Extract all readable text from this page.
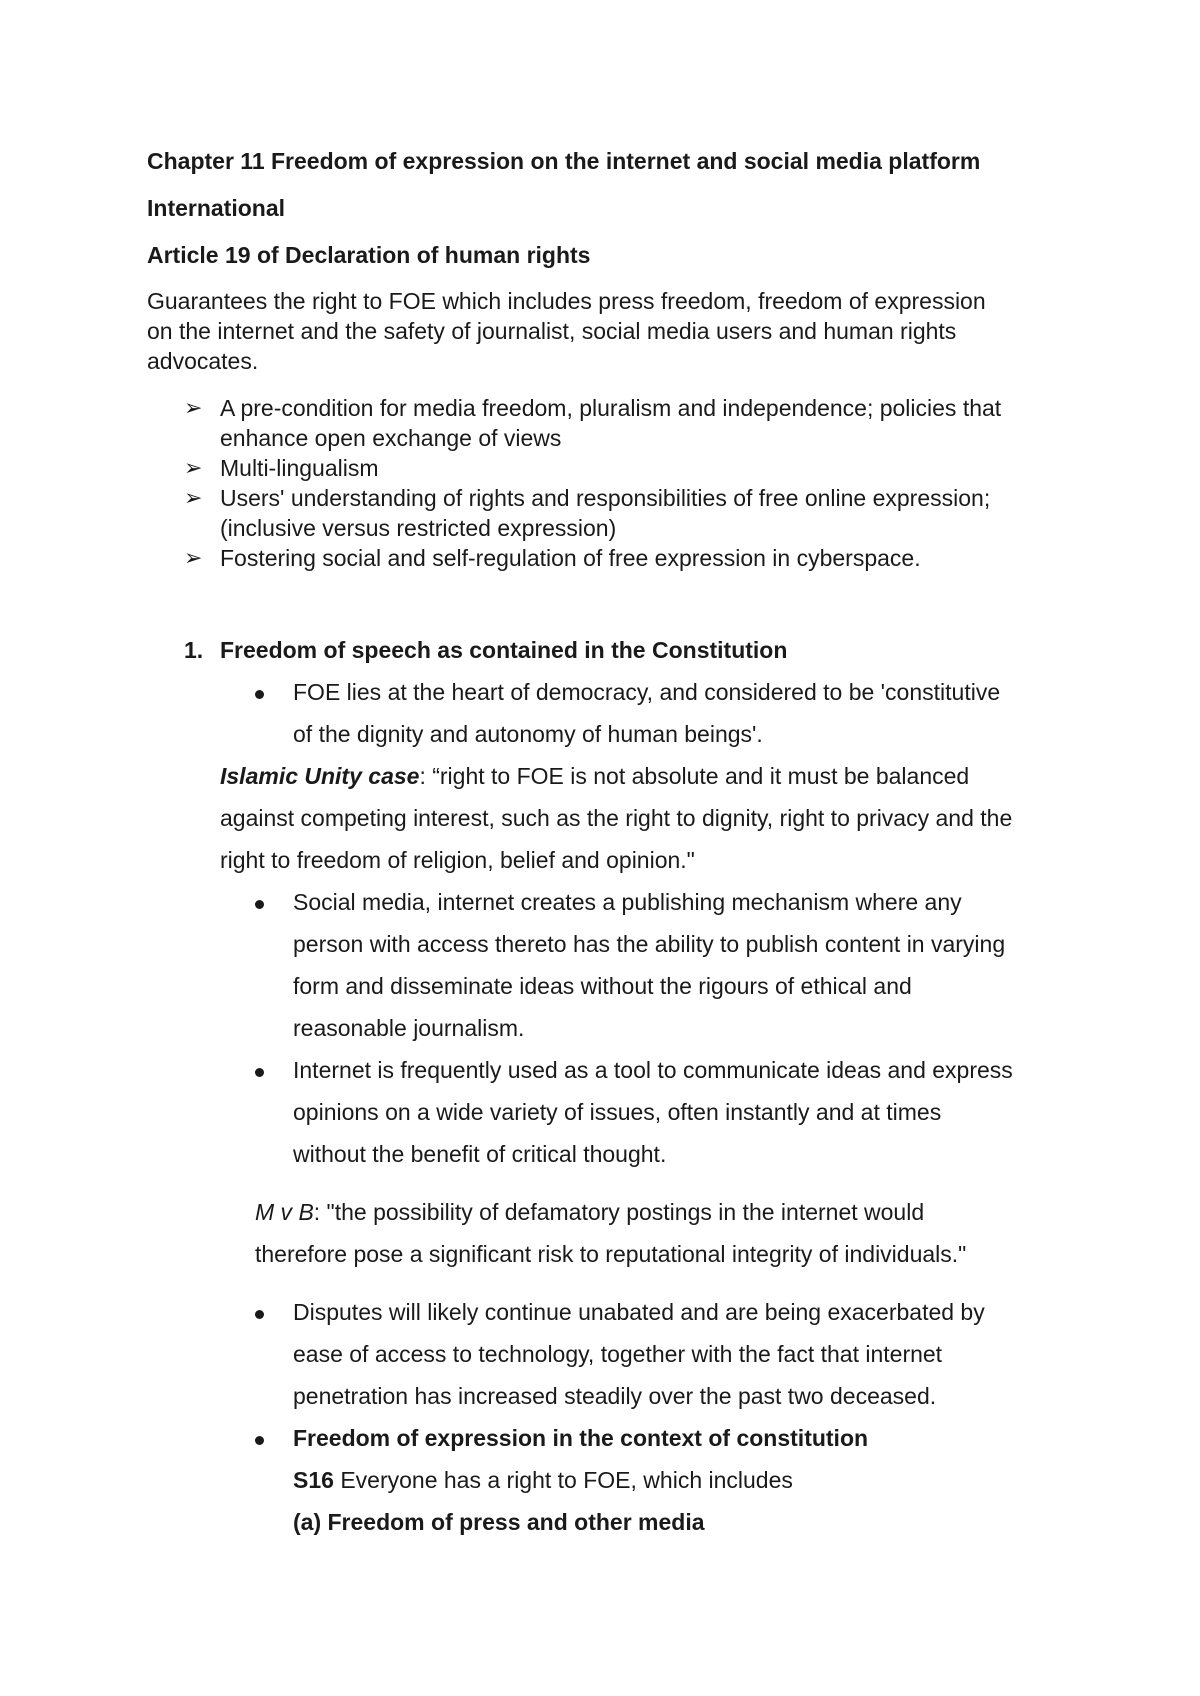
Chapter 11 Freedom of expression on the internet and social media platform
International
Article 19 of Declaration of human rights
Guarantees the right to FOE which includes press freedom, freedom of expression
on the internet and the safety of journalist, social media users and human rights
advocates.
➢ A pre-condition for media freedom, pluralism and independence; policies that
enhance open exchange of views
➢ Multi-lingualism
➢ Users' understanding of rights and responsibilities of free online expression;
(inclusive versus restricted expression)
➢ Fostering social and self-regulation of free expression in cyberspace.
1. Freedom of speech as contained in the Constitution
FOE lies at the heart of democracy, and considered to be 'constitutive
of the dignity and autonomy of human beings'.
Islamic Unity case: “right to FOE is not absolute and it must be balanced
against competing interest, such as the right to dignity, right to privacy and the
right to freedom of religion, belief and opinion."
Social media, internet creates a publishing mechanism where any
person with access thereto has the ability to publish content in varying
form and disseminate ideas without the rigours of ethical and
reasonable journalism.
Internet is frequently used as a tool to communicate ideas and express
opinions on a wide variety of issues, often instantly and at times
without the benefit of critical thought.
M v B: "the possibility of defamatory postings in the internet would
therefore pose a significant risk to reputational integrity of individuals."
Disputes will likely continue unabated and are being exacerbated by
ease of access to technology, together with the fact that internet
penetration has increased steadily over the past two deceased.
Freedom of expression in the context of constitution
S16 Everyone has a right to FOE, which includes
(a) Freedom of press and other media
